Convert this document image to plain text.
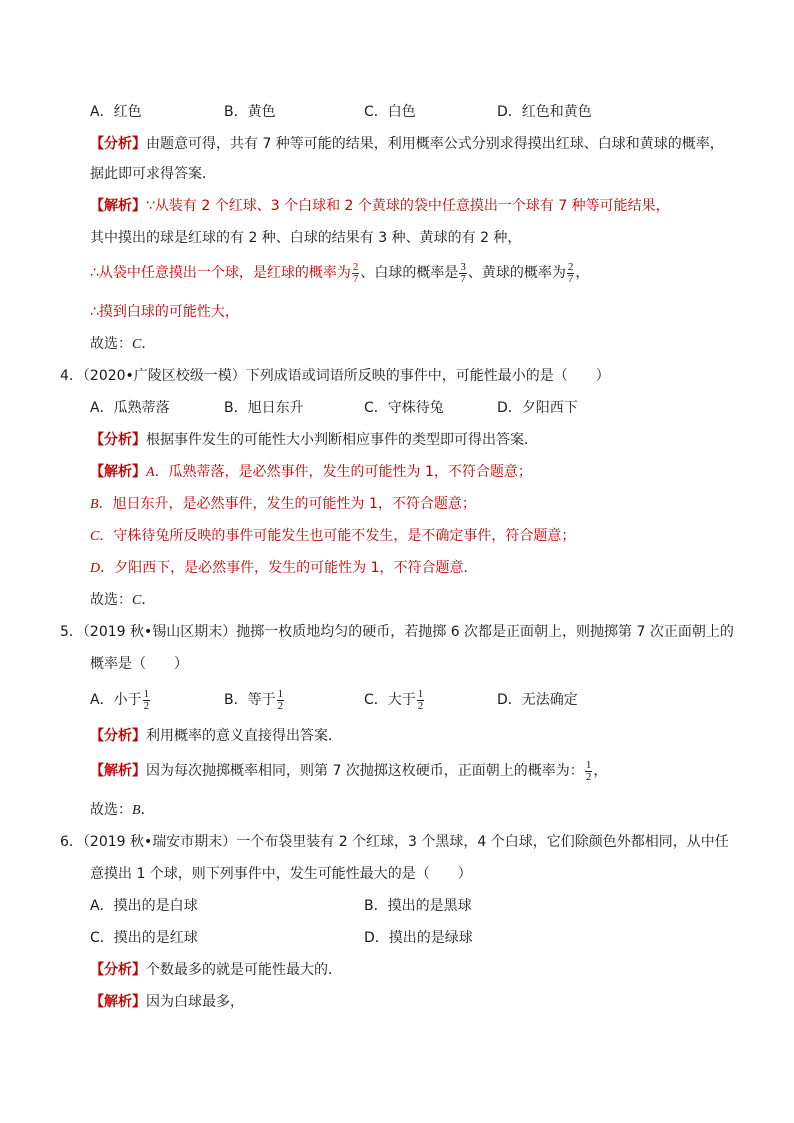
A．红色	B．黄色	C．白色	D．红色和黄色
【分析】由题意可得，共有 7 种等可能的结果，利用概率公式分别求得摸出红球、白球和黄球的概率，
据此即可求得答案．
【解析】∵从装有 2 个红球、3 个白球和 2 个黄球的袋中任意摸出一个球有 7 种等可能结果，
其中摸出的球是红球的有 2 种、白球的结果有 3 种、黄球的有 2 种，
∴从袋中任意摸出一个球，是红球的概率为 $\frac{2}{7}$ 、白球的概率是 $\frac{3}{7}$ 、黄球的概率为 $\frac{2}{7}$ ，
∴摸到白球的可能性大，
故选：C．
4．（2020•广陵区校级一模）下列成语或词语所反映的事件中，可能性最小的是（　　）
A．瓜熟蒂落	B．旭日东升	C．守株待兔	D．夕阳西下
【分析】根据事件发生的可能性大小判断相应事件的类型即可得出答案．
【解析】A．瓜熟蒂落，是必然事件，发生的可能性为 1，不符合题意；
B．旭日东升，是必然事件，发生的可能性为 1，不符合题意；
C．守株待兔所反映的事件可能发生也可能不发生，是不确定事件，符合题意；
D．夕阳西下，是必然事件，发生的可能性为 1，不符合题意．
故选：C．
5．（2019 秋•锡山区期末）抛掷一枚质地均匀的硬币，若抛掷 6 次都是正面朝上，则抛掷第 7 次正面朝上的
概率是（　　）
A．小于 $\frac{1}{2}$	B．等于 $\frac{1}{2}$	C．大于 $\frac{1}{2}$	D．无法确定
【分析】利用概率的意义直接得出答案．
【解析】因为每次抛掷概率相同，则第 7 次抛掷这枚硬币，正面朝上的概率为： $\frac{1}{2}$ ，
故选：B．
6．（2019 秋•瑞安市期末）一个布袋里装有 2 个红球，3 个黑球，4 个白球，它们除颜色外都相同，从中任
意摸出 1 个球，则下列事件中，发生可能性最大的是（　　）
A．摸出的是白球	B．摸出的是黑球
C．摸出的是红球	D．摸出的是绿球
【分析】个数最多的就是可能性最大的．
【解析】因为白球最多，
